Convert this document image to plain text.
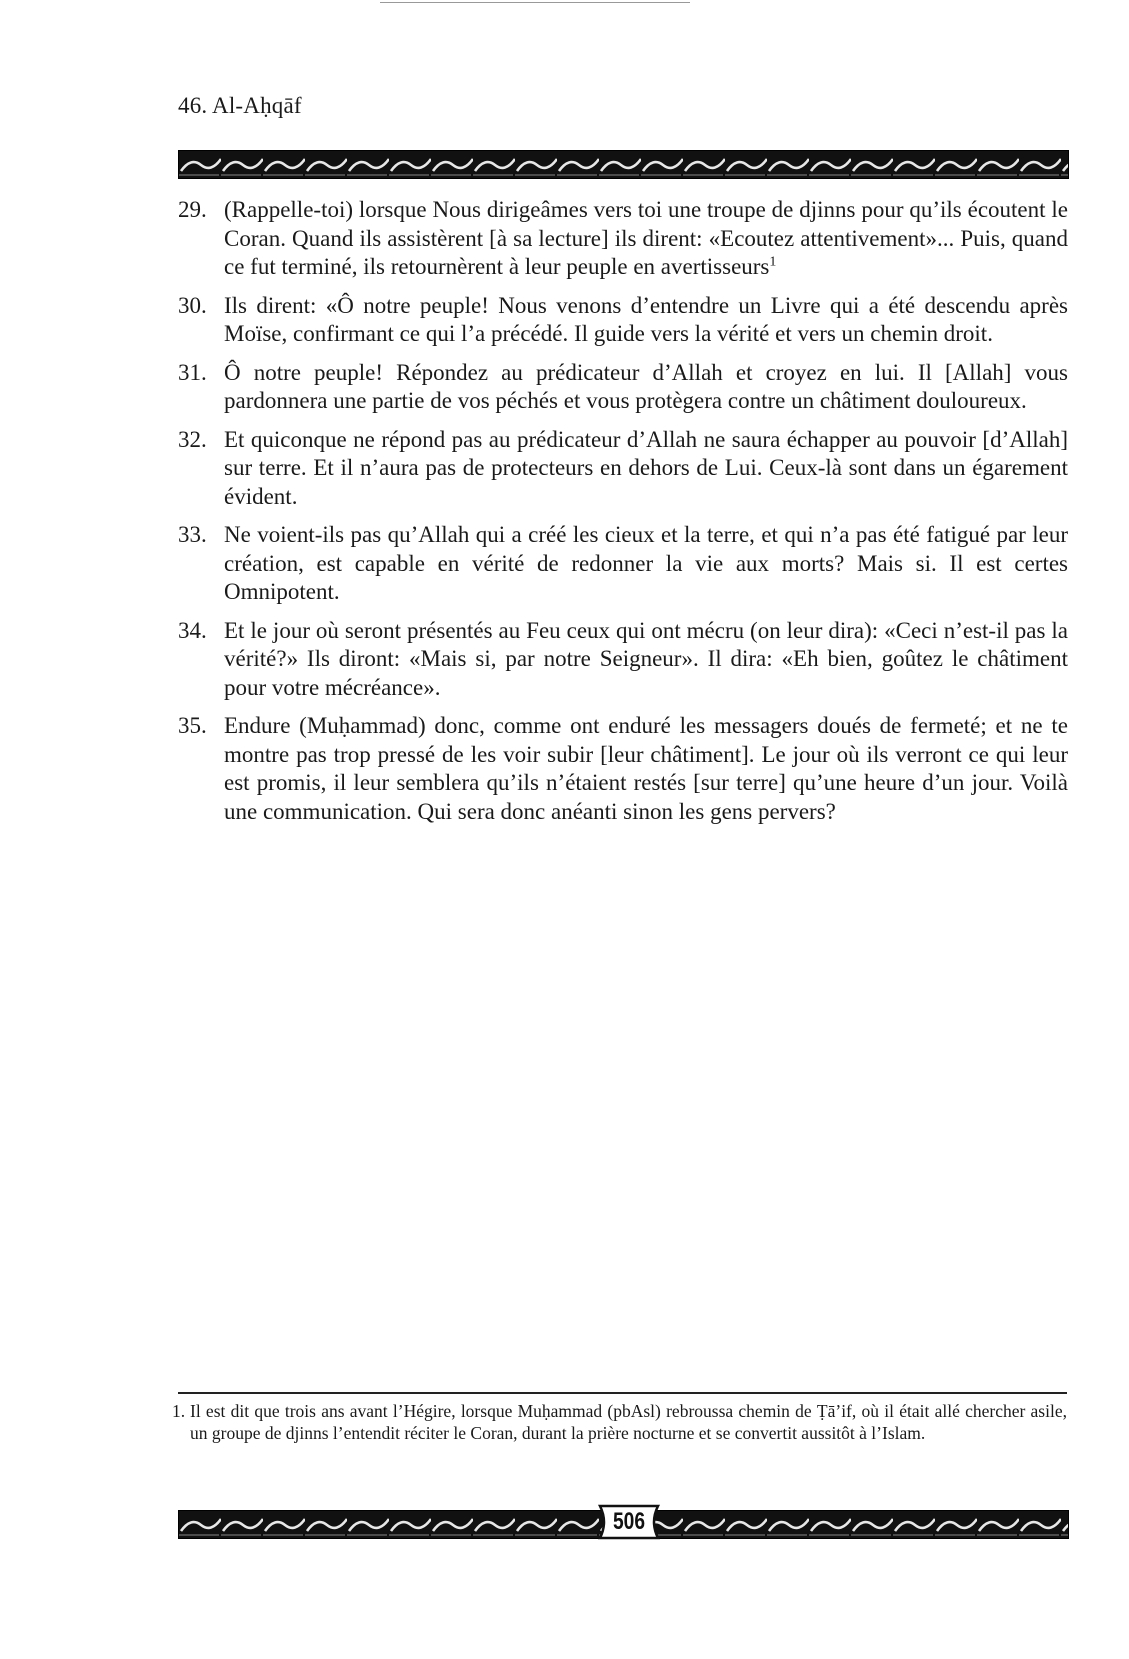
46. Al-Aḥqāf
29. (Rappelle-toi) lorsque Nous dirigeâmes vers toi une troupe de djinns pour qu’ils écoutent le Coran. Quand ils assistèrent [à sa lecture] ils dirent: «Ecoutez attentivement»... Puis, quand ce fut terminé, ils retournèrent à leur peuple en avertisseurs$^1$
30. Ils dirent: «Ô notre peuple! Nous venons d’entendre un Livre qui a été descendu après Moïse, confirmant ce qui l’a précédé. Il guide vers la vérité et vers un chemin droit.
31. Ô notre peuple! Répondez au prédicateur d’Allah et croyez en lui. Il [Allah] vous pardonnera une partie de vos péchés et vous protègera contre un châtiment douloureux.
32. Et quiconque ne répond pas au prédicateur d’Allah ne saura échapper au pouvoir [d’Allah] sur terre. Et il n’aura pas de protecteurs en dehors de Lui. Ceux-là sont dans un égarement évident.
33. Ne voient-ils pas qu’Allah qui a créé les cieux et la terre, et qui n’a pas été fatigué par leur création, est capable en vérité de redonner la vie aux morts? Mais si. Il est certes Omnipotent.
34. Et le jour où seront présentés au Feu ceux qui ont mécru (on leur dira): «Ceci n’est-il pas la vérité?» Ils diront: «Mais si, par notre Seigneur». Il dira: «Eh bien, goûtez le châtiment pour votre mécréance».
35. Endure (Muḥammad) donc, comme ont enduré les messagers doués de fermeté; et ne te montre pas trop pressé de les voir subir [leur châtiment]. Le jour où ils verront ce qui leur est promis, il leur semblera qu’ils n’étaient restés [sur terre] qu’une heure d’un jour. Voilà une communication. Qui sera donc anéanti sinon les gens pervers?
1. Il est dit que trois ans avant l’Hégire, lorsque Muḥammad (pbAsl) rebroussa chemin de Ṭā’if, où il était allé chercher asile, un groupe de djinns l’entendit réciter le Coran, durant la prière nocturne et se convertit aussitôt à l’Islam.
506
